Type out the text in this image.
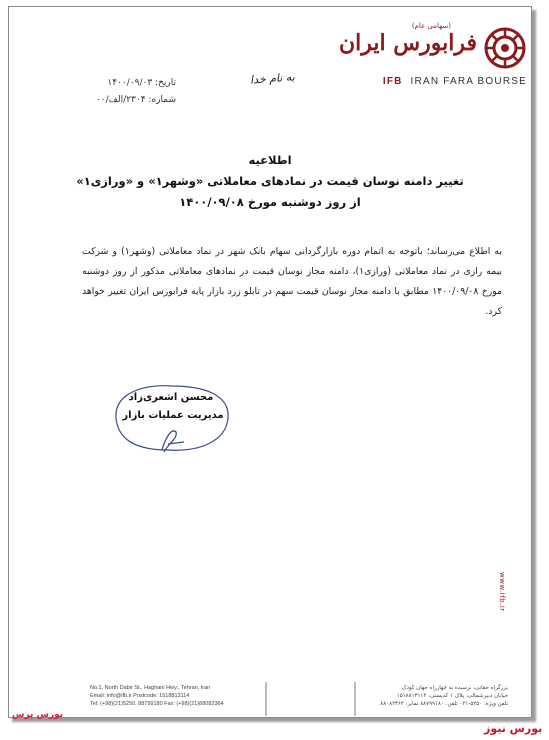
(سهامی عام)
فرابورس ایران
IFB IRAN FARA BOURSE
به نام خدا
تاریخ: ۱۴۰۰/۰۹/۰۳
شماره: ۲۳۰۴/الف/۰۰
اطلاعیه
تغییر دامنه نوسان قیمت در نمادهای معاملاتی «وشهر۱» و «ورازی۱»
از روز دوشنبه مورخ ۱۴۰۰/۰۹/۰۸
به اطلاع می‌رساند؛ باتوجه به اتمام دوره بازارگردانی سهام بانک شهر در نماد معاملاتی (وشهر۱) و شرکت بیمه رازی در نماد معاملاتی (ورازی۱)، دامنه مجاز نوسان قیمت در نمادهای معاملاتی مذکور از روز دوشنبه مورخ ۱۴۰۰/۰۹/۰۸ مطابق با دامنه مجاز نوسان قیمت سهم در تابلو زرد بازار پایه فرابورس ایران تغییر خواهد کرد.
محسن اشعری‌زاد
مدیریت عملیات بازار
www.ifb.ir
No.1, North Dabir St., Haghani Hwy., Tehran, Iran
Email: info@ifb.ir Postcode: 1518813114
Tel: (+98)(21)5250, 88799180 Fax: (+98)(21)88082364
بزرگراه حقانی، نرسیده به چهارراه جهان کودک
خیابان دبیرشمالی، پلاک ۱ کدپستی: ۱۵۱۸۸۱۳۱۱۴
تلفن ویژه: ۵۲۵۰-۰۲۱ تلفن: ۸۸۷۹۹۱۸۰ نمابر: ۸۸۰۸۲۳۶۴
بورس پرس
بورس نیوز
